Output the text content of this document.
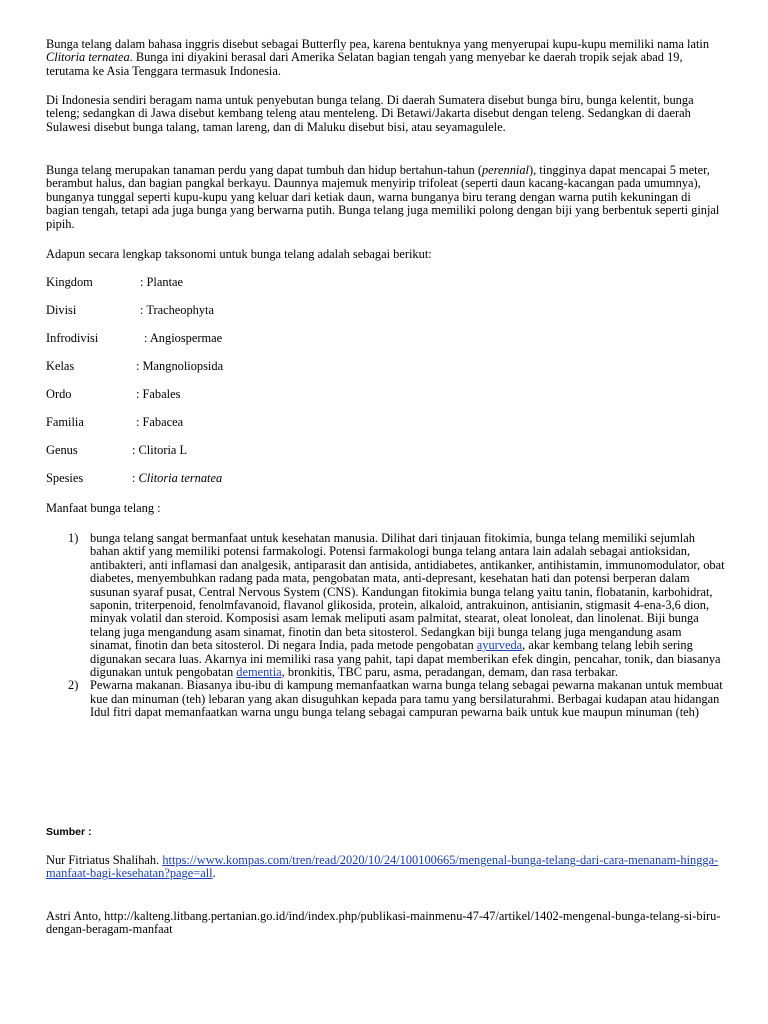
Bunga telang dalam bahasa inggris disebut sebagai Butterfly pea, karena bentuknya yang menyerupai kupu-kupu memiliki nama latin Clitoria ternatea. Bunga ini diyakini berasal dari Amerika Selatan bagian tengah yang menyebar ke daerah tropik sejak abad 19, terutama ke Asia Tenggara termasuk Indonesia.

Di Indonesia sendiri beragam nama untuk penyebutan bunga telang. Di daerah Sumatera disebut bunga biru, bunga kelentit, bunga teleng; sedangkan di Jawa disebut kembang teleng atau menteleng. Di Betawi/Jakarta disebut dengan teleng. Sedangkan di daerah Sulawesi disebut bunga talang, taman lareng, dan di Maluku disebut bisi, atau seyamagulele.

Bunga telang merupakan tanaman perdu yang dapat tumbuh dan hidup bertahun-tahun (perennial), tingginya dapat mencapai 5 meter, berambut halus, dan bagian pangkal berkayu. Daunnya majemuk menyirip trifoleat (seperti daun kacang-kacangan pada umumnya), bunganya tunggal seperti kupu-kupu yang keluar dari ketiak daun, warna bunganya biru terang dengan warna putih kekuningan di bagian tengah, tetapi ada juga bunga yang berwarna putih. Bunga telang juga memiliki polong dengan biji yang berbentuk seperti ginjal pipih.

Adapun secara lengkap taksonomi untuk bunga telang adalah sebagai berikut:

Kingdom	: Plantae
Divisi	: Tracheophyta
Infrodivisi	: Angiospermae
Kelas	: Mangnoliopsida
Ordo	: Fabales
Familia	: Fabacea
Genus	: Clitoria L
Spesies	: Clitoria ternatea

Manfaat bunga telang :

1) bunga telang sangat bermanfaat untuk kesehatan manusia. Dilihat dari tinjauan fitokimia, bunga telang memiliki sejumlah bahan aktif yang memiliki potensi farmakologi. Potensi farmakologi bunga telang antara lain adalah sebagai antioksidan, antibakteri, anti inflamasi dan analgesik, antiparasit dan antisida, antidiabetes, antikanker, antihistamin, immunomodulator, obat diabetes, menyembuhkan radang pada mata, pengobatan mata, anti-depresant, kesehatan hati dan potensi berperan dalam susunan syaraf pusat, Central Nervous System (CNS). Kandungan fitokimia bunga telang yaitu tanin, flobatanin, karbohidrat, saponin, triterpenoid, fenolmfavanoid, flavanol glikosida, protein, alkaloid, antrakuinon, antisianin, stigmasit 4-ena-3,6 dion, minyak volatil dan steroid. Komposisi asam lemak meliputi asam palmitat, stearat, oleat lonoleat, dan linolenat. Biji bunga telang juga mengandung asam sinamat, finotin dan beta sitosterol. Sedangkan biji bunga telang juga mengandung asam sinamat, finotin dan beta sitosterol. Di negara India, pada metode pengobatan ayurveda, akar kembang telang lebih sering digunakan secara luas. Akarnya ini memiliki rasa yang pahit, tapi dapat memberikan efek dingin, pencahar, tonik, dan biasanya digunakan untuk pengobatan dementia, bronkitis, TBC paru, asma, peradangan, demam, dan rasa terbakar.
2) Pewarna makanan. Biasanya ibu-ibu di kampung memanfaatkan warna bunga telang sebagai pewarna makanan untuk membuat kue dan minuman (teh) lebaran yang akan disuguhkan kepada para tamu yang bersilaturahmi. Berbagai kudapan atau hidangan Idul fitri dapat memanfaatkan warna ungu bunga telang sebagai campuran pewarna baik untuk kue maupun minuman (teh)

Sumber :

Nur Fitriatus Shalihah. https://www.kompas.com/tren/read/2020/10/24/100100665/mengenal-bunga-telang-dari-cara-menanam-hingga-manfaat-bagi-kesehatan?page=all.

Astri Anto, http://kalteng.litbang.pertanian.go.id/ind/index.php/publikasi-mainmenu-47-47/artikel/1402-mengenal-bunga-telang-si-biru-dengan-beragam-manfaat
